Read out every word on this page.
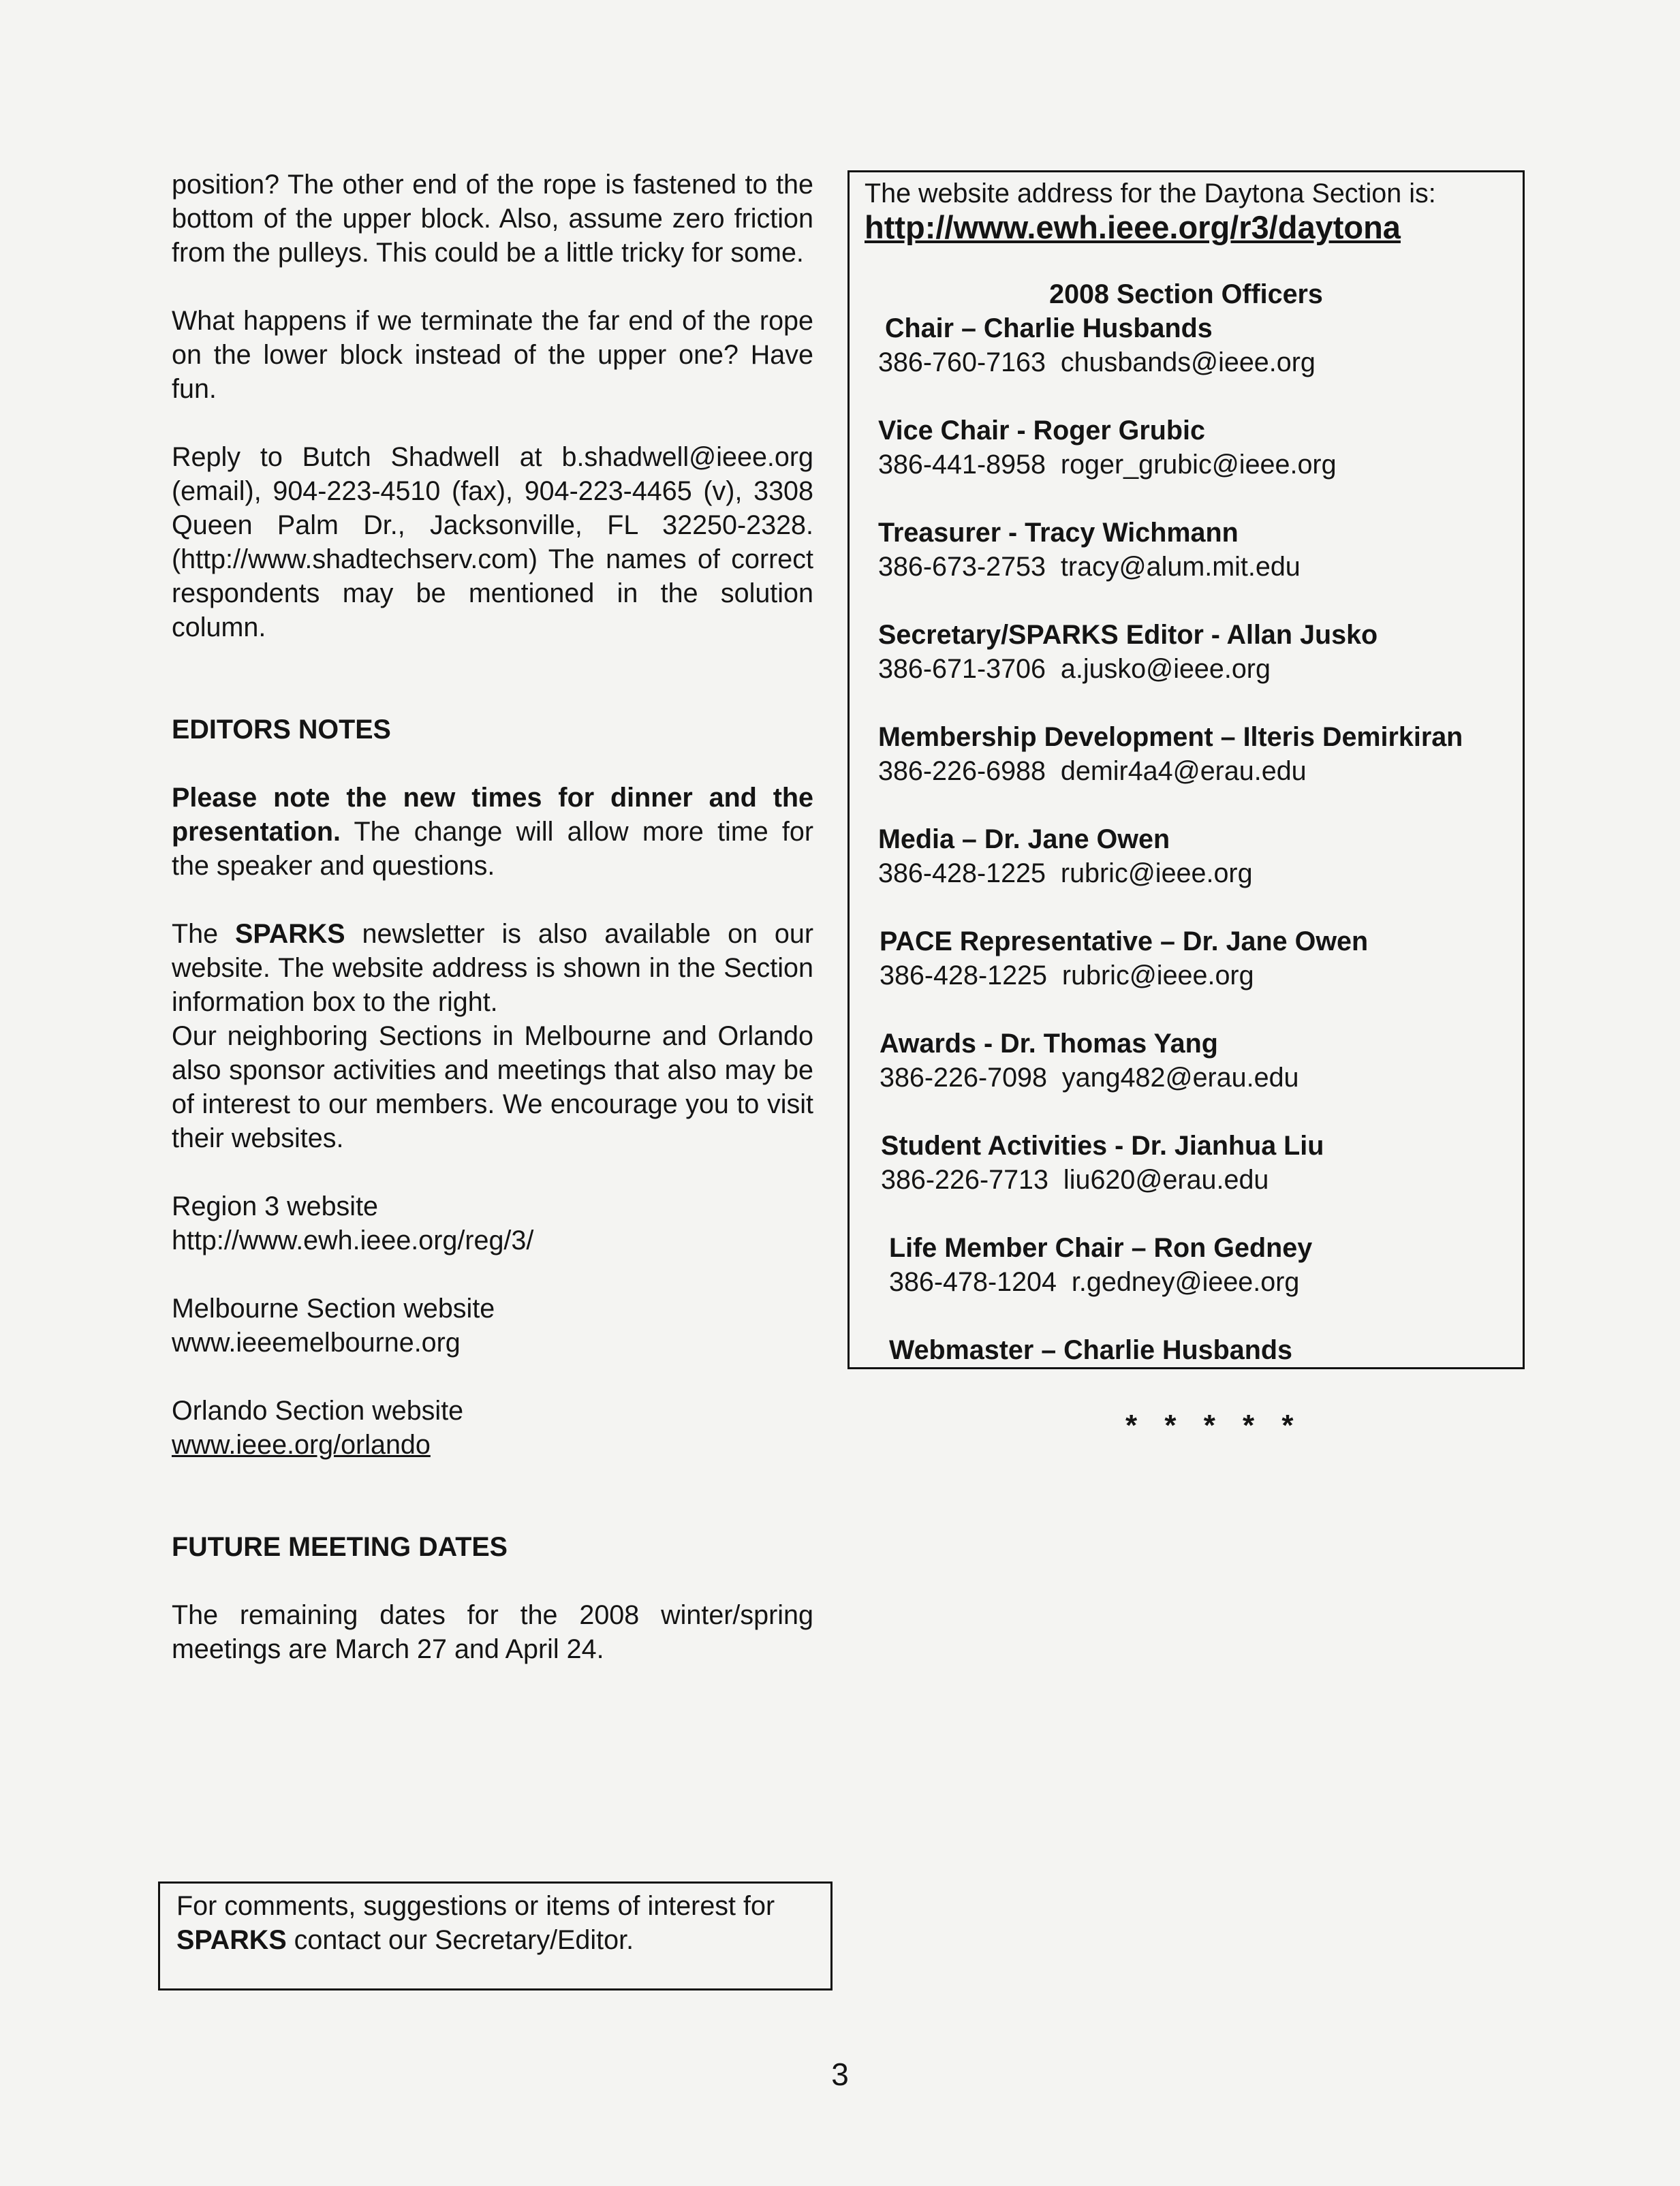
position? The other end of the rope is fastened to the bottom of the upper block. Also, assume zero friction from the pulleys. This could be a little tricky for some.

What happens if we terminate the far end of the rope on the lower block instead of the upper one? Have fun.

Reply to Butch Shadwell at b.shadwell@ieee.org (email), 904-223-4510 (fax), 904-223-4465 (v), 3308 Queen Palm Dr., Jacksonville, FL 32250-2328. (http://www.shadtechserv.com) The names of correct respondents may be mentioned in the solution column.

EDITORS NOTES

Please note the new times for dinner and the presentation. The change will allow more time for the speaker and questions.

The SPARKS newsletter is also available on our website. The website address is shown in the Section information box to the right.

Our neighboring Sections in Melbourne and Orlando also sponsor activities and meetings that also may be of interest to our members. We encourage you to visit their websites.

Region 3 website

http://www.ewh.ieee.org/reg/3/

Melbourne Section website

www.ieeemelbourne.org

Orlando Section website

www.ieee.org/orlando

FUTURE MEETING DATES

The remaining dates for the 2008 winter/spring meetings are March 27 and April 24.

The website address for the Daytona Section is:
http://www.ewh.ieee.org/r3/daytona
2008 Section Officers
Chair – Charlie Husbands
386-760-7163  chusbands@ieee.org
Vice Chair - Roger Grubic
386-441-8958  roger_grubic@ieee.org
Treasurer - Tracy Wichmann
386-673-2753  tracy@alum.mit.edu
Secretary/SPARKS Editor - Allan Jusko
386-671-3706  a.jusko@ieee.org
Membership Development – Ilteris Demirkiran
386-226-6988  demir4a4@erau.edu
Media – Dr. Jane Owen
386-428-1225  rubric@ieee.org
PACE Representative – Dr. Jane Owen
386-428-1225  rubric@ieee.org
Awards - Dr. Thomas Yang
386-226-7098  yang482@erau.edu
Student Activities - Dr. Jianhua Liu
386-226-7713  liu620@erau.edu
Life Member Chair – Ron Gedney
386-478-1204  r.gedney@ieee.org
Webmaster – Charlie Husbands
* * * * *
For comments, suggestions or items of interest for
SPARKS contact our Secretary/Editor.
3
